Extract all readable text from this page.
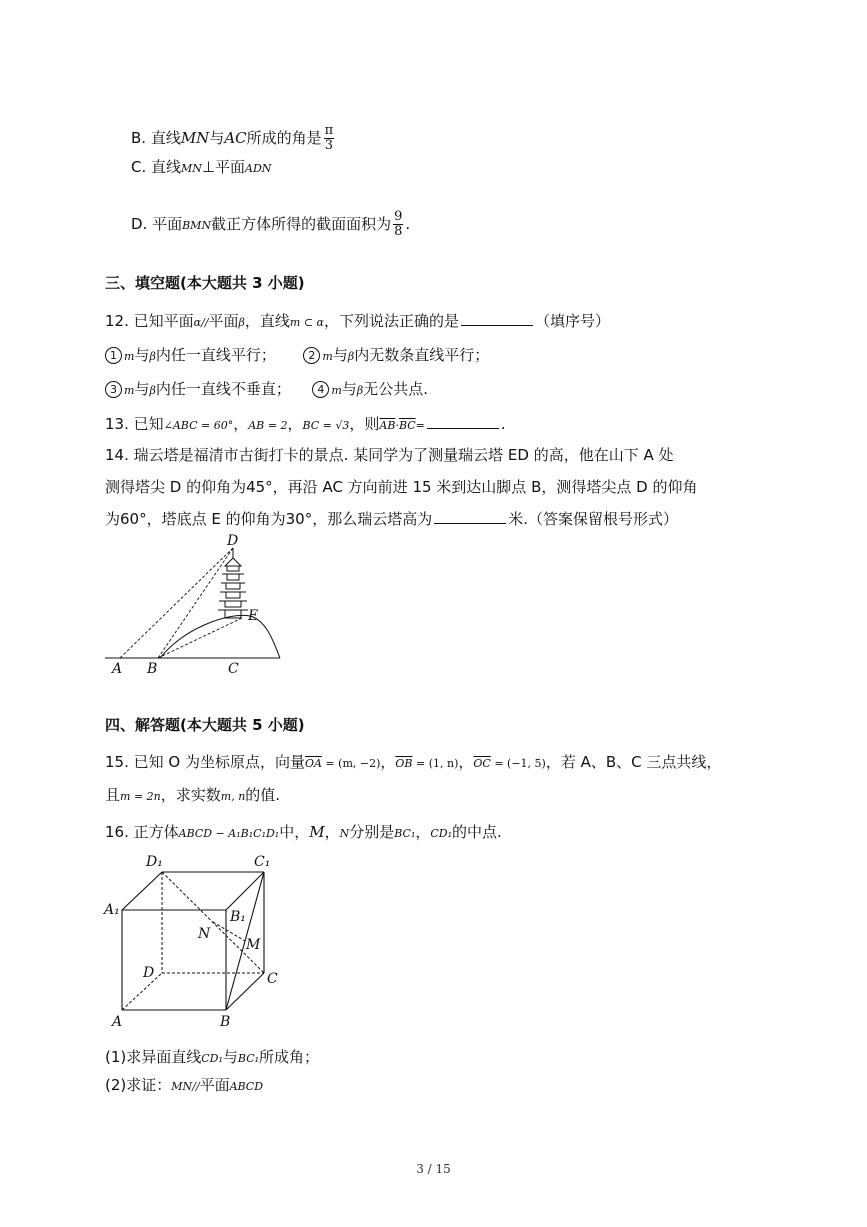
B. 直线MN与AC所成的角是 $\frac{\pi}{3}$
C. 直线MN⊥平面ADN
D. 平面BMN截正方体所得的截面面积为 $\frac{9}{8}$ .
三、填空题(本大题共 3 小题)
12. 已知平面α//平面β，直线m ⊂ α，下列说法正确的是	（填序号）
1 m与β内任一直线平行；	2 m与β内无数条直线平行；
3 m与β内任一直线不垂直； 4 m与β无公共点.
13. 已知∠ABC = 60°，AB = 2，BC = √3，则$\overline{AB}\cdot\overline{BC}=$	.
14. 瑞云塔是福清市古街打卡的景点. 某同学为了测量瑞云塔 ED 的高，他在山下 A 处
测得塔尖 D 的仰角为45°，再沿 AC 方向前进 15 米到达山脚点 B，测得塔尖点 D 的仰角
为60°，塔底点 E 的仰角为30°，那么瑞云塔高为	米.（答案保留根号形式）
D
E
A B	C
四、解答题(本大题共 5 小题)
15. 已知 O 为坐标原点，向量$\overline{OA} = (m$, −2)，$\overline{OB} = (1$, n)，$\overline{OC} = (-1$, 5)，若 A、B、C 三点共线，
且m = 2n，求实数m, n的值.
16. 正方体ABCD − A₁B₁C₁D₁中，M，N分别是BC₁，CD₁的中点.
D₁	C₁
A₁	B₁
N
M
D	C
A	B
(1)求异面直线CD₁与BC₁所成角；
(2)求证：MN//平面ABCD
3 / 15
